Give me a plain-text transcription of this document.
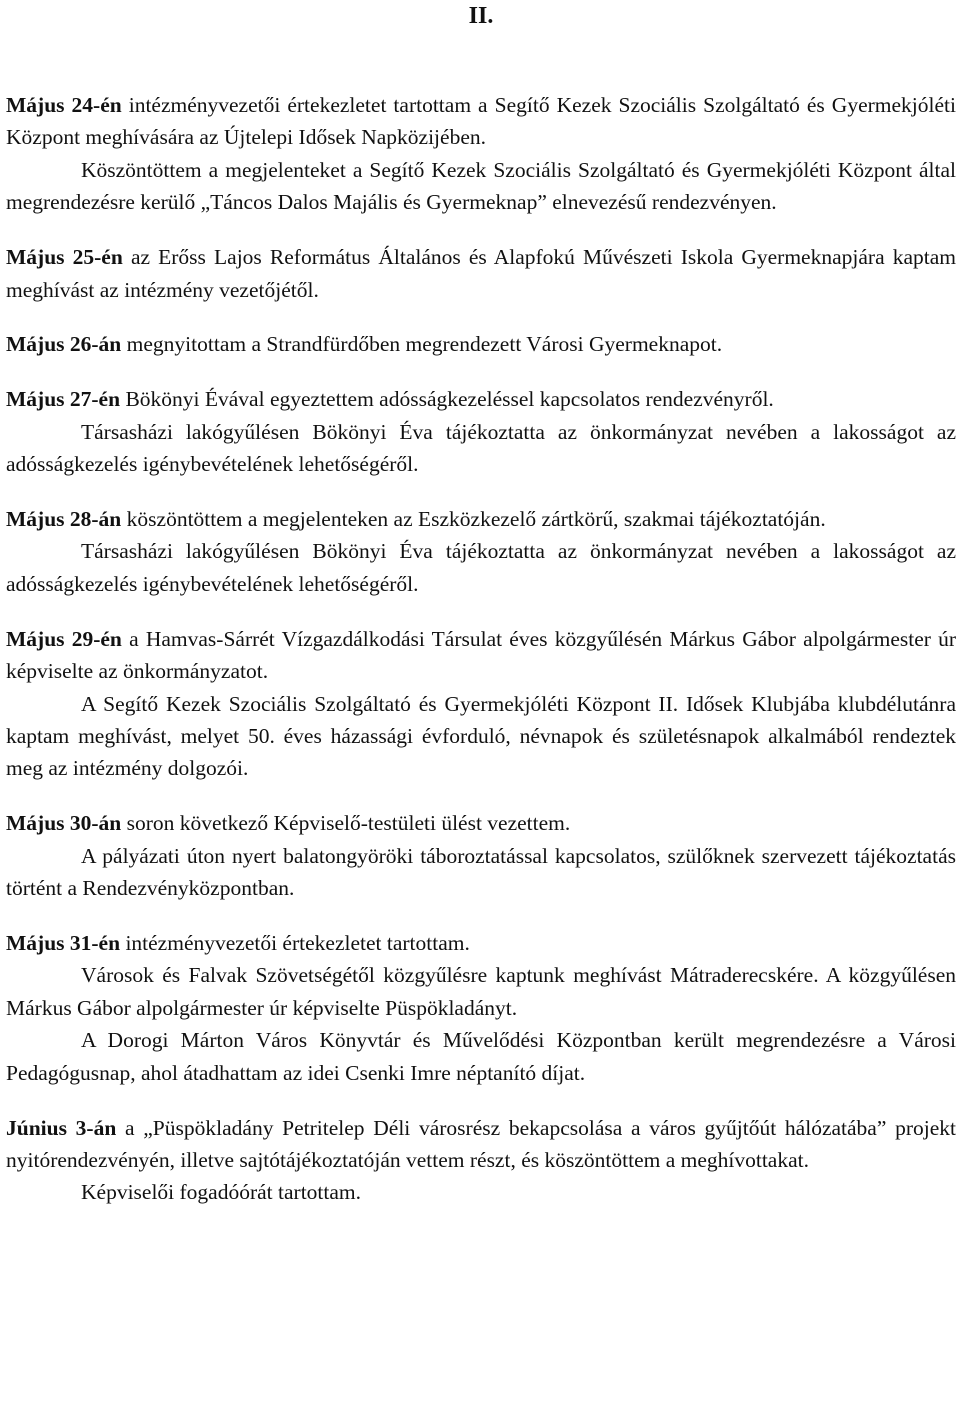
II.

Május 24-én intézményvezetői értekezletet tartottam a Segítő Kezek Szociális Szolgáltató és Gyermekjóléti Központ meghívására az Újtelepi Idősek Napközijében.

Köszöntöttem a megjelenteket a Segítő Kezek Szociális Szolgáltató és Gyermekjóléti Központ által megrendezésre kerülő „Táncos Dalos Majális és Gyermeknap” elnevezésű rendezvényen.

Május 25-én az Erőss Lajos Református Általános és Alapfokú Művészeti Iskola Gyermeknapjára kaptam meghívást az intézmény vezetőjétől.

Május 26-án megnyitottam a Strandfürdőben megrendezett Városi Gyermeknapot.

Május 27-én Bökönyi Évával egyeztettem adósságkezeléssel kapcsolatos rendezvényről.

Társasházi lakógyűlésen Bökönyi Éva tájékoztatta az önkormányzat nevében a lakosságot az adósságkezelés igénybevételének lehetőségéről.

Május 28-án köszöntöttem a megjelenteken az Eszközkezelő zártkörű, szakmai tájékoztatóján.

Társasházi lakógyűlésen Bökönyi Éva tájékoztatta az önkormányzat nevében a lakosságot az adósságkezelés igénybevételének lehetőségéről.

Május 29-én a Hamvas-Sárrét Vízgazdálkodási Társulat éves közgyűlésén Márkus Gábor alpolgármester úr képviselte az önkormányzatot.

A Segítő Kezek Szociális Szolgáltató és Gyermekjóléti Központ II. Idősek Klubjába klubdélutánra kaptam meghívást, melyet 50. éves házassági évforduló, névnapok és születésnapok alkalmából rendeztek meg az intézmény dolgozói.

Május 30-án soron következő Képviselő-testületi ülést vezettem.

A pályázati úton nyert balatongyöröki táboroztatással kapcsolatos, szülőknek szervezett tájékoztatás történt a Rendezvényközpontban.

Május 31-én intézményvezetői értekezletet tartottam.

Városok és Falvak Szövetségétől közgyűlésre kaptunk meghívást Mátraderecskére. A közgyűlésen Márkus Gábor alpolgármester úr képviselte Püspökladányt.

A Dorogi Márton Város Könyvtár és Művelődési Központban került megrendezésre a Városi Pedagógusnap, ahol átadhattam az idei Csenki Imre néptanító díjat.

Június 3-án a „Püspökladány Petritelep Déli városrész bekapcsolása a város gyűjtőút hálózatába” projekt nyitórendezvényén, illetve sajtótájékoztatóján vettem részt, és köszöntöttem a meghívottakat.

Képviselői fogadóórát tartottam.
